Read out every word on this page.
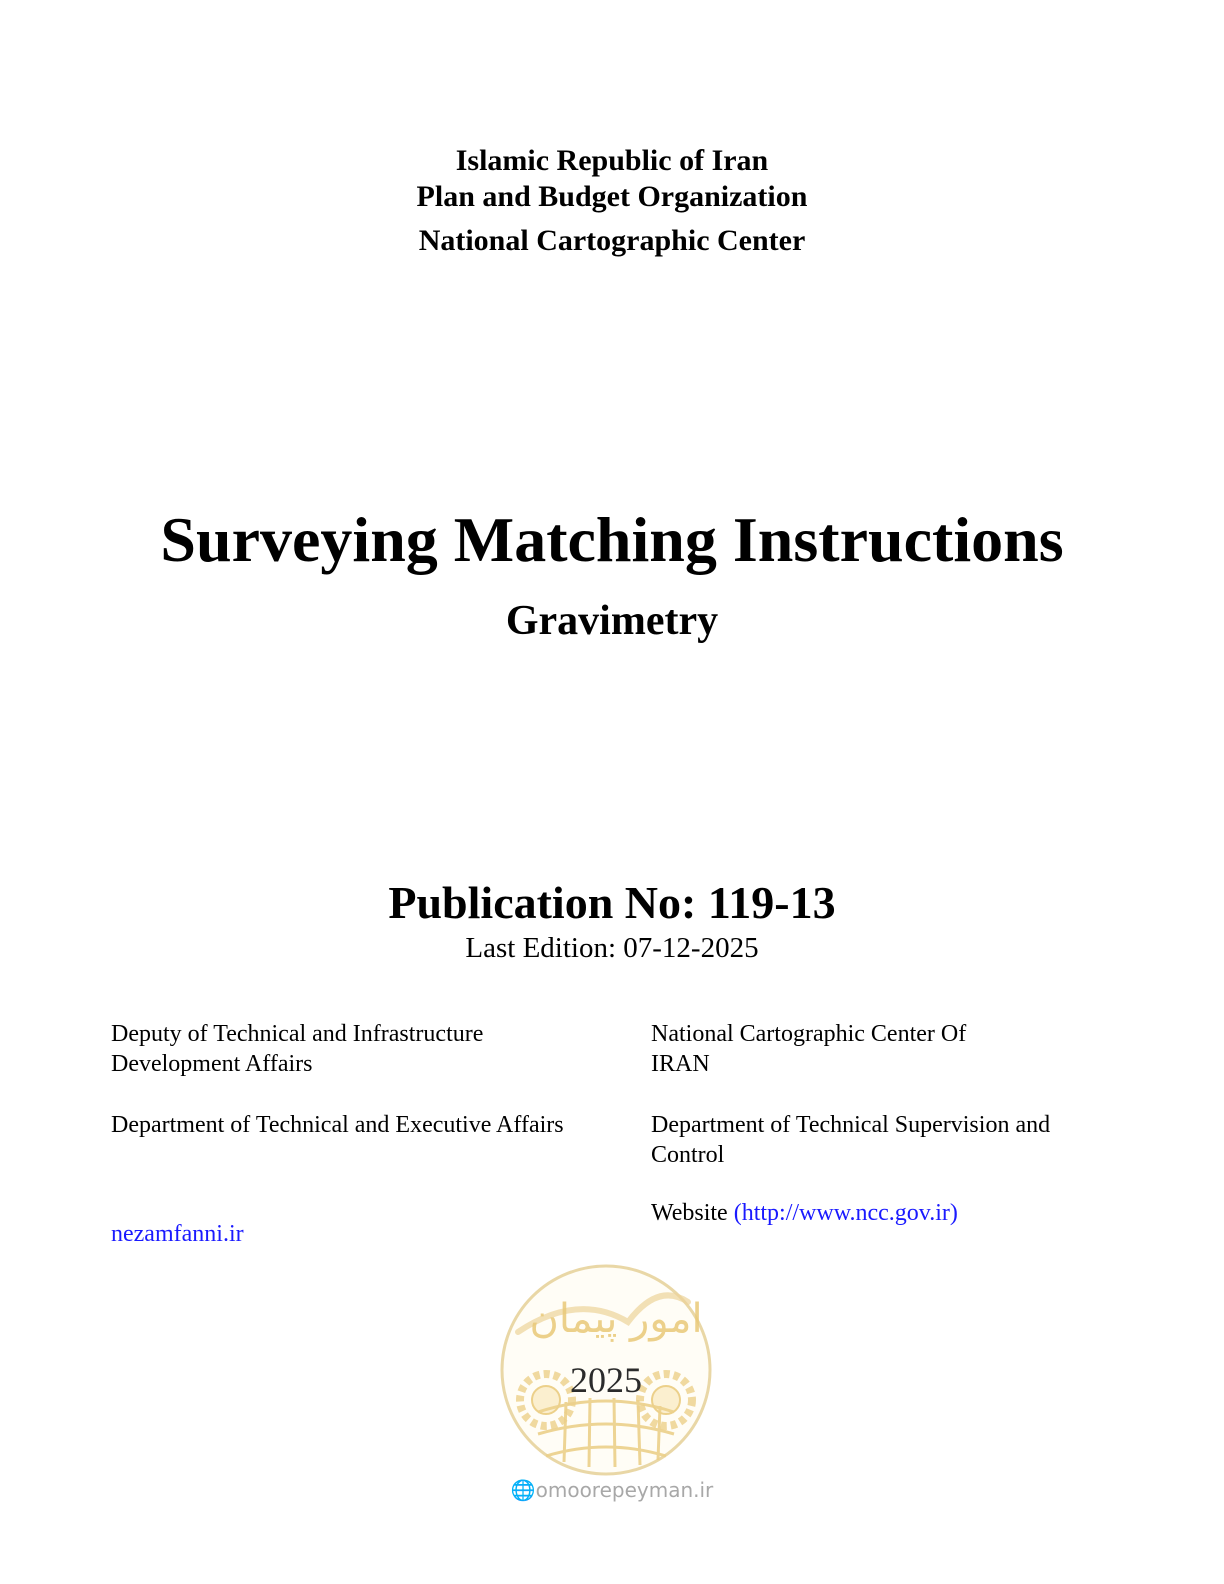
Islamic Republic of Iran
Plan and Budget Organization
National Cartographic Center
Surveying Matching Instructions
Gravimetry
Publication No: 119-13
Last Edition: 07-12-2025
Deputy of Technical and Infrastructure Development Affairs
Department of Technical and Executive Affairs
nezamfanni.ir
National Cartographic Center Of IRAN
Department of Technical Supervision and Control
Website (http://www.ncc.gov.ir)
امور پیمان
2025
🌐omoorepeyman.ir
